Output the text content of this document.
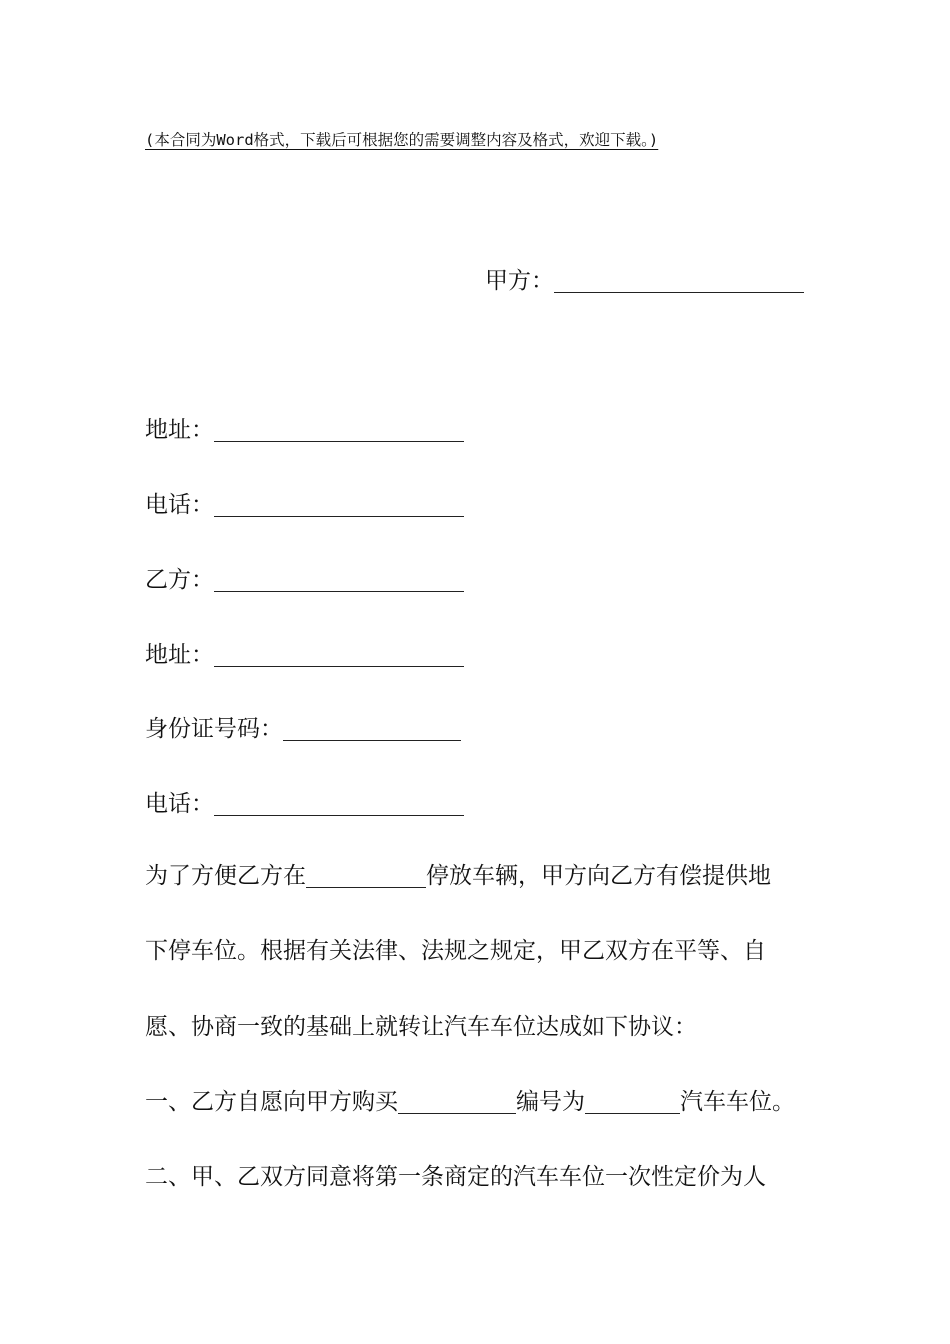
(本合同为Word格式，下载后可根据您的需要调整内容及格式，欢迎下载。)
甲方：
地址：
电话：
乙方：
地址：
身份证号码：
电话：
为了方便乙方在	停放车辆，甲方向乙方有偿提供地
下停车位。根据有关法律、法规之规定，甲乙双方在平等、自
愿、协商一致的基础上就转让汽车车位达成如下协议：
一、乙方自愿向甲方购买	编号为	汽车车位。
二、甲、乙双方同意将第一条商定的汽车车位一次性定价为人
